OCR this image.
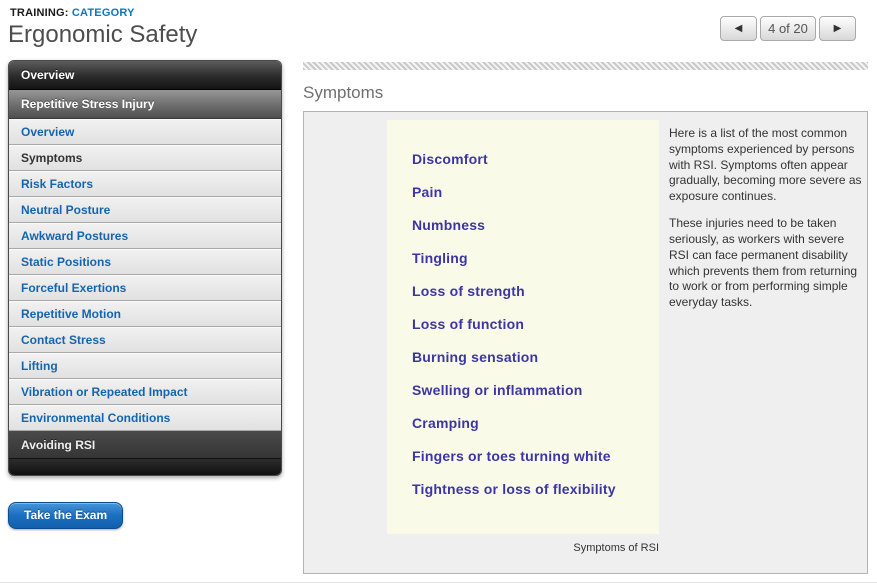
TRAINING: CATEGORY
Ergonomic Safety	◀	4 of 20	▶
Overview
Repetitive Stress Injury
Overview
Symptoms
Risk Factors
Neutral Posture
Awkward Postures
Static Positions
Forceful Exertions
Repetitive Motion
Contact Stress
Lifting
Vibration or Repeated Impact
Environmental Conditions
Avoiding RSI
Take the Exam
Symptoms
Discomfort
Pain
Numbness
Tingling
Loss of strength
Loss of function
Burning sensation
Swelling or inflammation
Cramping
Fingers or toes turning white
Tightness or loss of flexibility
Symptoms of RSI

Here is a list of the most common symptoms experienced by persons with RSI. Symptoms often appear gradually, becoming more severe as exposure continues.

These injuries need to be taken seriously, as workers with severe RSI can face permanent disability which prevents them from returning to work or from performing simple everyday tasks.
